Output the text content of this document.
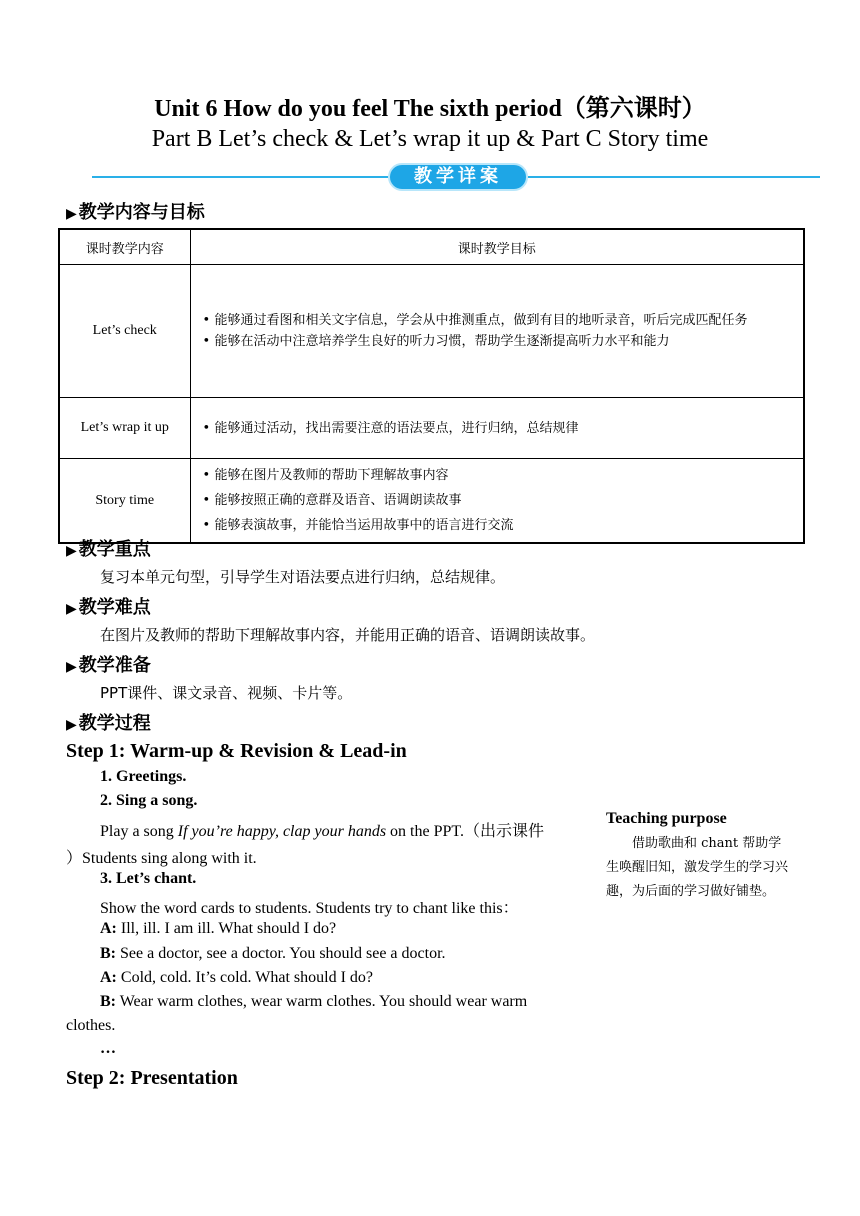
Unit 6 How do you feel The sixth period（第六课时）
Part B Let’s check & Let’s wrap it up & Part C Story time
教学详案
▶ 教学内容与目标
课时教学内容	课时教学目标
Let’s check	• 能够通过看图和相关文字信息，学会从中推测重点，做到有目的地听录音，听后完成匹配任务
• 能够在活动中注意培养学生良好的听力习惯，帮助学生逐渐提高听力水平和能力

Let’s wrap it up	• 能够通过活动，找出需要注意的语法要点，进行归纳，总结规律

Story time	• 能够在图片及教师的帮助下理解故事内容
• 能够按照正确的意群及语音、语调朗读故事
• 能够表演故事，并能恰当运用故事中的语言进行交流
▶ 教学重点
复习本单元句型，引导学生对语法要点进行归纳，总结规律。
▶ 教学难点
在图片及教师的帮助下理解故事内容，并能用正确的语音、语调朗读故事。
▶ 教学准备
PPT课件、课文录音、视频、卡片等。
▶ 教学过程
Step 1: Warm-up & Revision & Lead-in
1. Greetings.
2. Sing a song.
Play a song If you’re happy, clap your hands on the PPT.（出示课件
）Students sing along with it.
3. Let’s chant.
Show the word cards to students. Students try to chant like this：
A: Ill, ill. I am ill. What should I do?
B: See a doctor, see a doctor. You should see a doctor.
A: Cold, cold. It’s cold. What should I do?
B: Wear warm clothes, wear warm clothes. You should wear warm
clothes.
…
Step 2: Presentation
Teaching purpose
借助歌曲和 chant 帮助学生唤醒旧知，激发学生的学习兴趣，为后面的学习做好铺垫。
